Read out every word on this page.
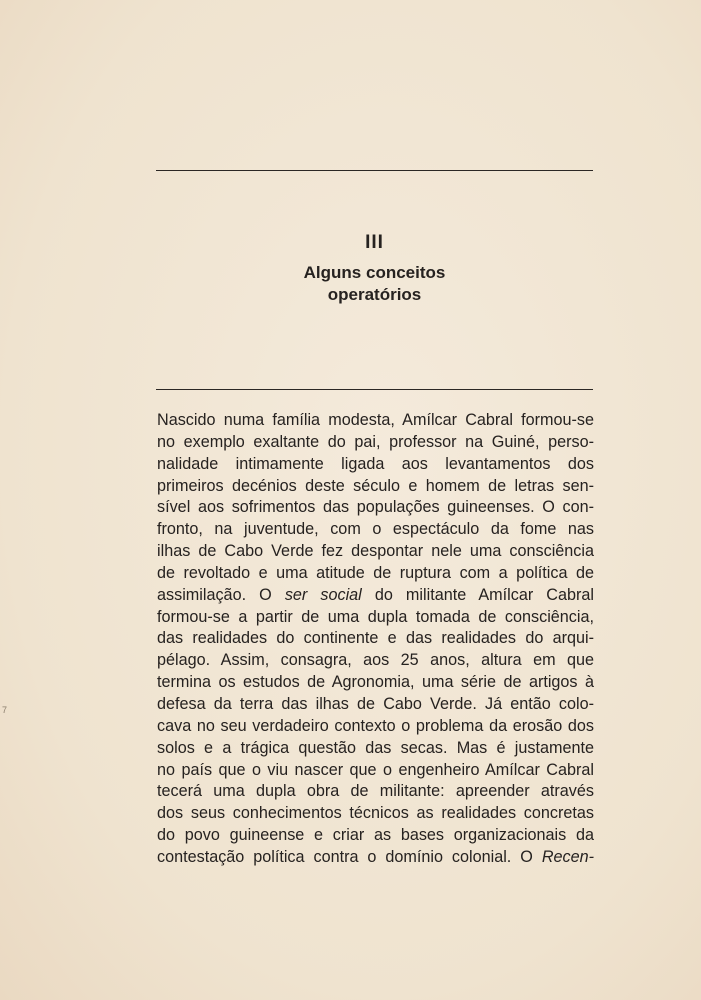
III
Alguns conceitos
operatórios
Nascido numa família modesta, Amílcar Cabral formou-se
no exemplo exaltante do pai, professor na Guiné, perso-
nalidade intimamente ligada aos levantamentos dos
primeiros decénios deste século e homem de letras sen-
sível aos sofrimentos das populações guineenses. O con-
fronto, na juventude, com o espectáculo da fome nas
ilhas de Cabo Verde fez despontar nele uma consciência
de revoltado e uma atitude de ruptura com a política de
assimilação. O ser social do militante Amílcar Cabral
formou-se a partir de uma dupla tomada de consciência,
das realidades do continente e das realidades do arqui-
pélago. Assim, consagra, aos 25 anos, altura em que
termina os estudos de Agronomia, uma série de artigos à
defesa da terra das ilhas de Cabo Verde. Já então colo-
cava no seu verdadeiro contexto o problema da erosão dos
solos e a trágica questão das secas. Mas é justamente
no país que o viu nascer que o engenheiro Amílcar Cabral
tecerá uma dupla obra de militante: apreender através
dos seus conhecimentos técnicos as realidades concretas
do povo guineense e criar as bases organizacionais da
contestação política contra o domínio colonial. O Recen-
7
